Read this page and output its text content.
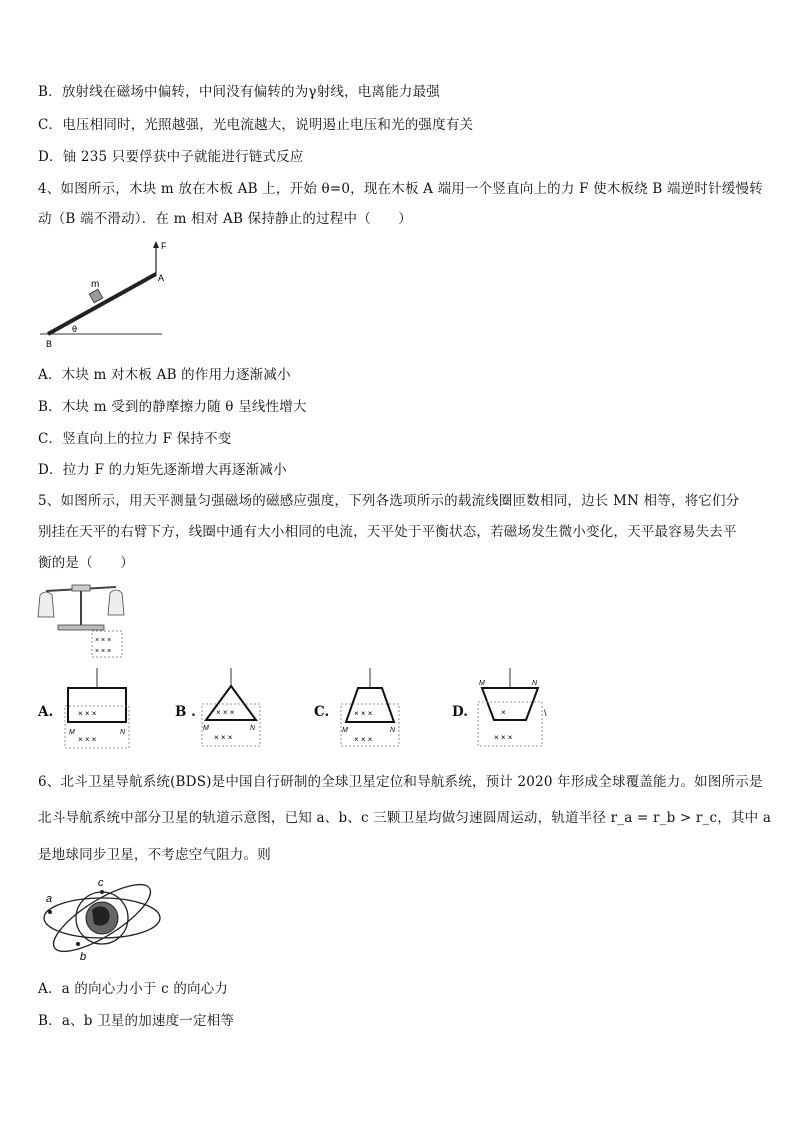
B．放射线在磁场中偏转，中间没有偏转的为γ射线，电离能力最强
C．电压相同时，光照越强，光电流越大，说明遏止电压和光的强度有关
D．铀 235 只要俘获中子就能进行链式反应
4、如图所示，木块 m 放在木板 AB 上，开始 θ=0，现在木板 A 端用一个竖直向上的力 F 使木板绕 B 端逆时针缓慢转
动（B 端不滑动）．在 m 相对 AB 保持静止的过程中（　　）
F
A
B
m
θ
A．木块 m 对木板 AB 的作用力逐渐减小
B．木块 m 受到的静摩擦力随 θ 呈线性增大
C．竖直向上的拉力 F 保持不变
D．拉力 F 的力矩先逐渐增大再逐渐减小
5、如图所示，用天平测量匀强磁场的磁感应强度，下列各选项所示的载流线圈匝数相同，边长 MN 相等，将它们分
别挂在天平的右臂下方，线圈中通有大小相同的电流，天平处于平衡状态，若磁场发生微小变化，天平最容易失去平
衡的是（　　）
× × ×
× × ×
A.	× × ×
× × ×
M	N
B .	× × ×
× × ×
M	N
C.	× × ×
× × ×
M	N
D.	×
× × ×
M	N
\
6、北斗卫星导航系统(BDS)是中国自行研制的全球卫星定位和导航系统，预计 2020 年形成全球覆盖能力。如图所示是
北斗导航系统中部分卫星的轨道示意图，已知 a、b、c 三颗卫星均做匀速圆周运动，轨道半径 r_a = r_b > r_c，其中 a
是地球同步卫星，不考虑空气阻力。则
c
a
b
A．a 的向心力小于 c 的向心力
B．a、b 卫星的加速度一定相等
